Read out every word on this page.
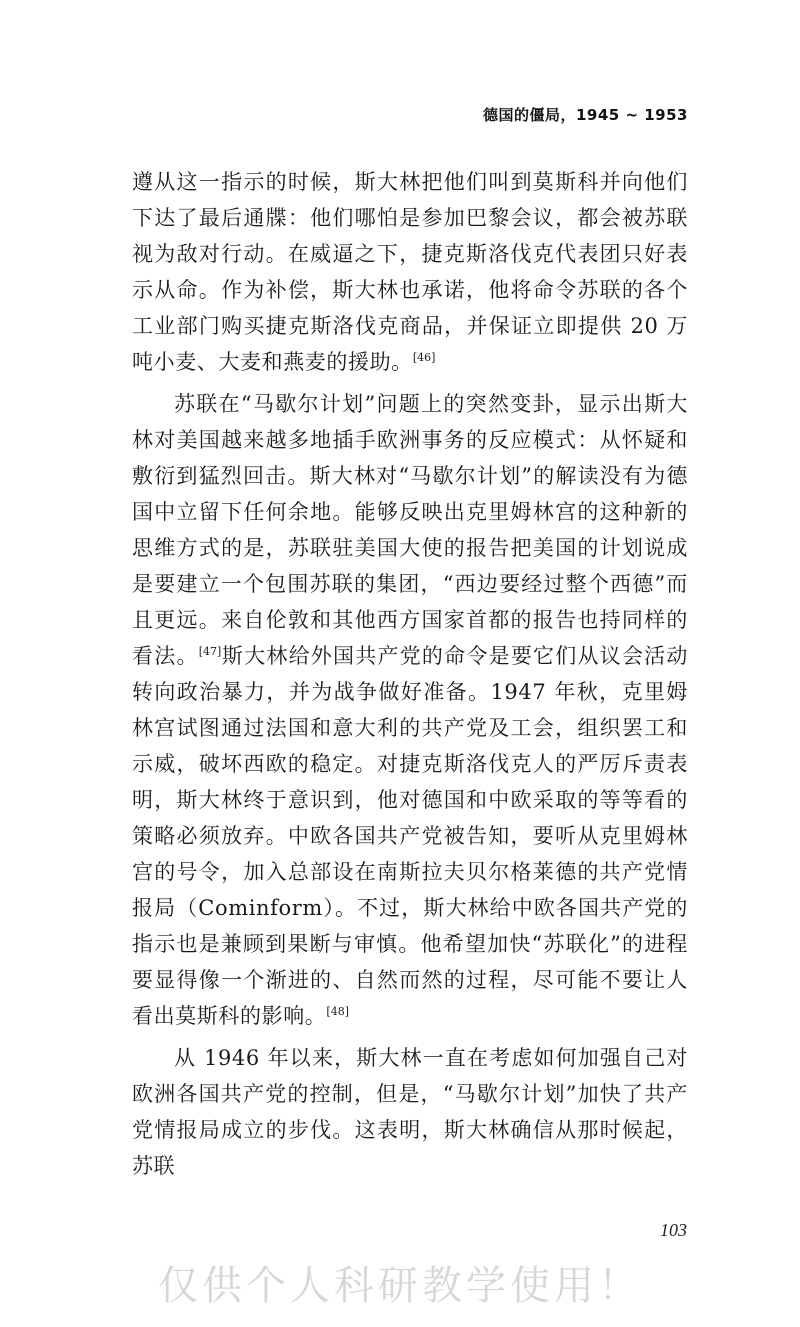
德国的僵局，1945 ~ 1953

遵从这一指示的时候，斯大林把他们叫到莫斯科并向他们下达了最后通牒：他们哪怕是参加巴黎会议，都会被苏联视为敌对行动。在威逼之下，捷克斯洛伐克代表团只好表示从命。作为补偿，斯大林也承诺，他将命令苏联的各个工业部门购买捷克斯洛伐克商品，并保证立即提供 20 万吨小麦、大麦和燕麦的援助。[46]

苏联在“马歇尔计划”问题上的突然变卦，显示出斯大林对美国越来越多地插手欧洲事务的反应模式：从怀疑和敷衍到猛烈回击。斯大林对“马歇尔计划”的解读没有为德国中立留下任何余地。能够反映出克里姆林宫的这种新的思维方式的是，苏联驻美国大使的报告把美国的计划说成是要建立一个包围苏联的集团，“西边要经过整个西德”而且更远。来自伦敦和其他西方国家首都的报告也持同样的看法。[47]斯大林给外国共产党的命令是要它们从议会活动转向政治暴力，并为战争做好准备。1947 年秋，克里姆林宫试图通过法国和意大利的共产党及工会，组织罢工和示威，破坏西欧的稳定。对捷克斯洛伐克人的严厉斥责表明，斯大林终于意识到，他对德国和中欧采取的等等看的策略必须放弃。中欧各国共产党被告知，要听从克里姆林宫的号令，加入总部设在南斯拉夫贝尔格莱德的共产党情报局（Cominform）。不过，斯大林给中欧各国共产党的指示也是兼顾到果断与审慎。他希望加快“苏联化”的进程要显得像一个渐进的、自然而然的过程，尽可能不要让人看出莫斯科的影响。[48]

从 1946 年以来，斯大林一直在考虑如何加强自己对欧洲各国共产党的控制，但是，“马歇尔计划”加快了共产党情报局成立的步伐。这表明，斯大林确信从那时候起，苏联

103
仅供个人科研教学使用！
